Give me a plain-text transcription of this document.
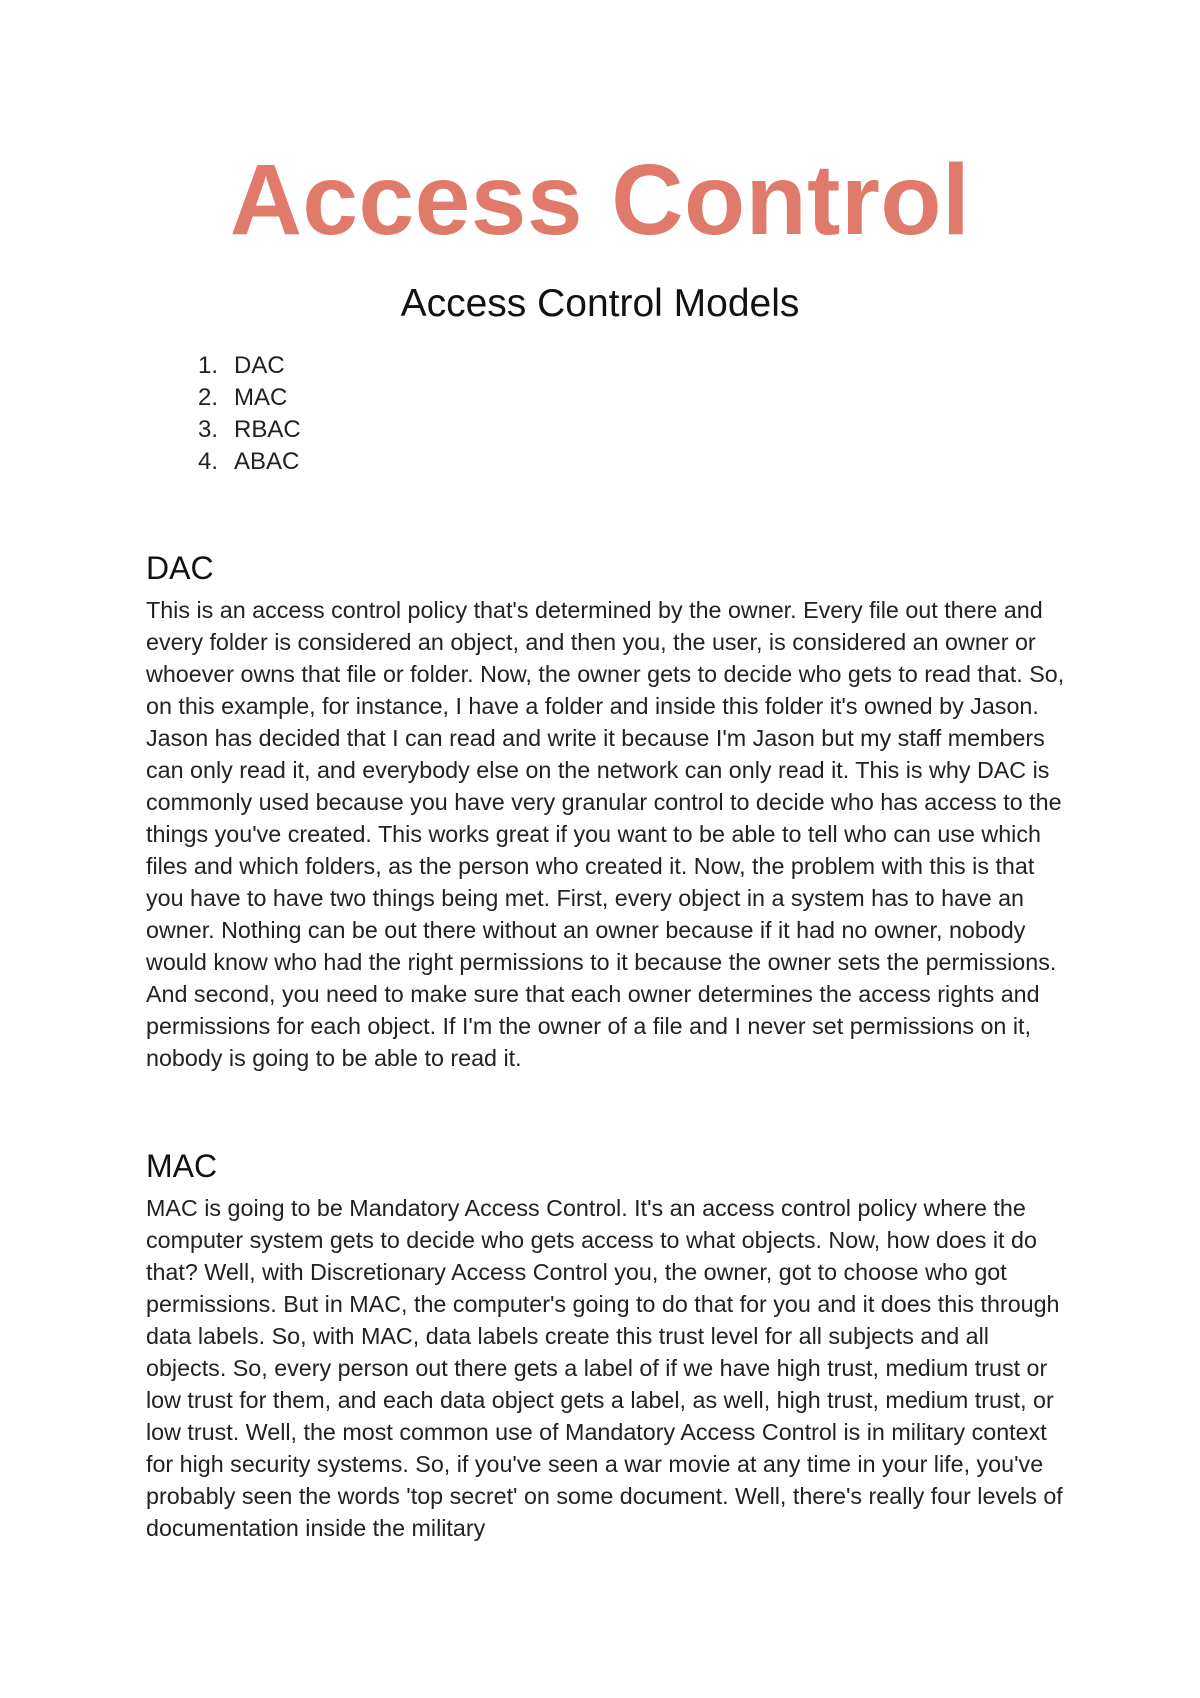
Access Control
Access Control Models
1. DAC
2. MAC
3. RBAC
4. ABAC
DAC

This is an access control policy that's determined by the owner. Every file out there and every folder is considered an object, and then you, the user, is considered an owner or whoever owns that file or folder. Now, the owner gets to decide who gets to read that. So, on this example, for instance, I have a folder and inside this folder it's owned by Jason. Jason has decided that I can read and write it because I'm Jason but my staff members can only read it, and everybody else on the network can only read it. This is why DAC is commonly used because you have very granular control to decide who has access to the things you've created. This works great if you want to be able to tell who can use which files and which folders, as the person who created it. Now, the problem with this is that you have to have two things being met. First, every object in a system has to have an owner. Nothing can be out there without an owner because if it had no owner, nobody would know who had the right permissions to it because the owner sets the permissions. And second, you need to make sure that each owner determines the access rights and permissions for each object. If I'm the owner of a file and I never set permissions on it, nobody is going to be able to read it.

MAC

MAC is going to be Mandatory Access Control. It's an access control policy where the computer system gets to decide who gets access to what objects. Now, how does it do that? Well, with Discretionary Access Control you, the owner, got to choose who got permissions. But in MAC, the computer's going to do that for you and it does this through data labels. So, with MAC, data labels create this trust level for all subjects and all objects. So, every person out there gets a label of if we have high trust, medium trust or low trust for them, and each data object gets a label, as well, high trust, medium trust, or low trust. Well, the most common use of Mandatory Access Control is in military context for high security systems. So, if you've seen a war movie at any time in your life, you've probably seen the words 'top secret' on some document. Well, there's really four levels of documentation inside the military
